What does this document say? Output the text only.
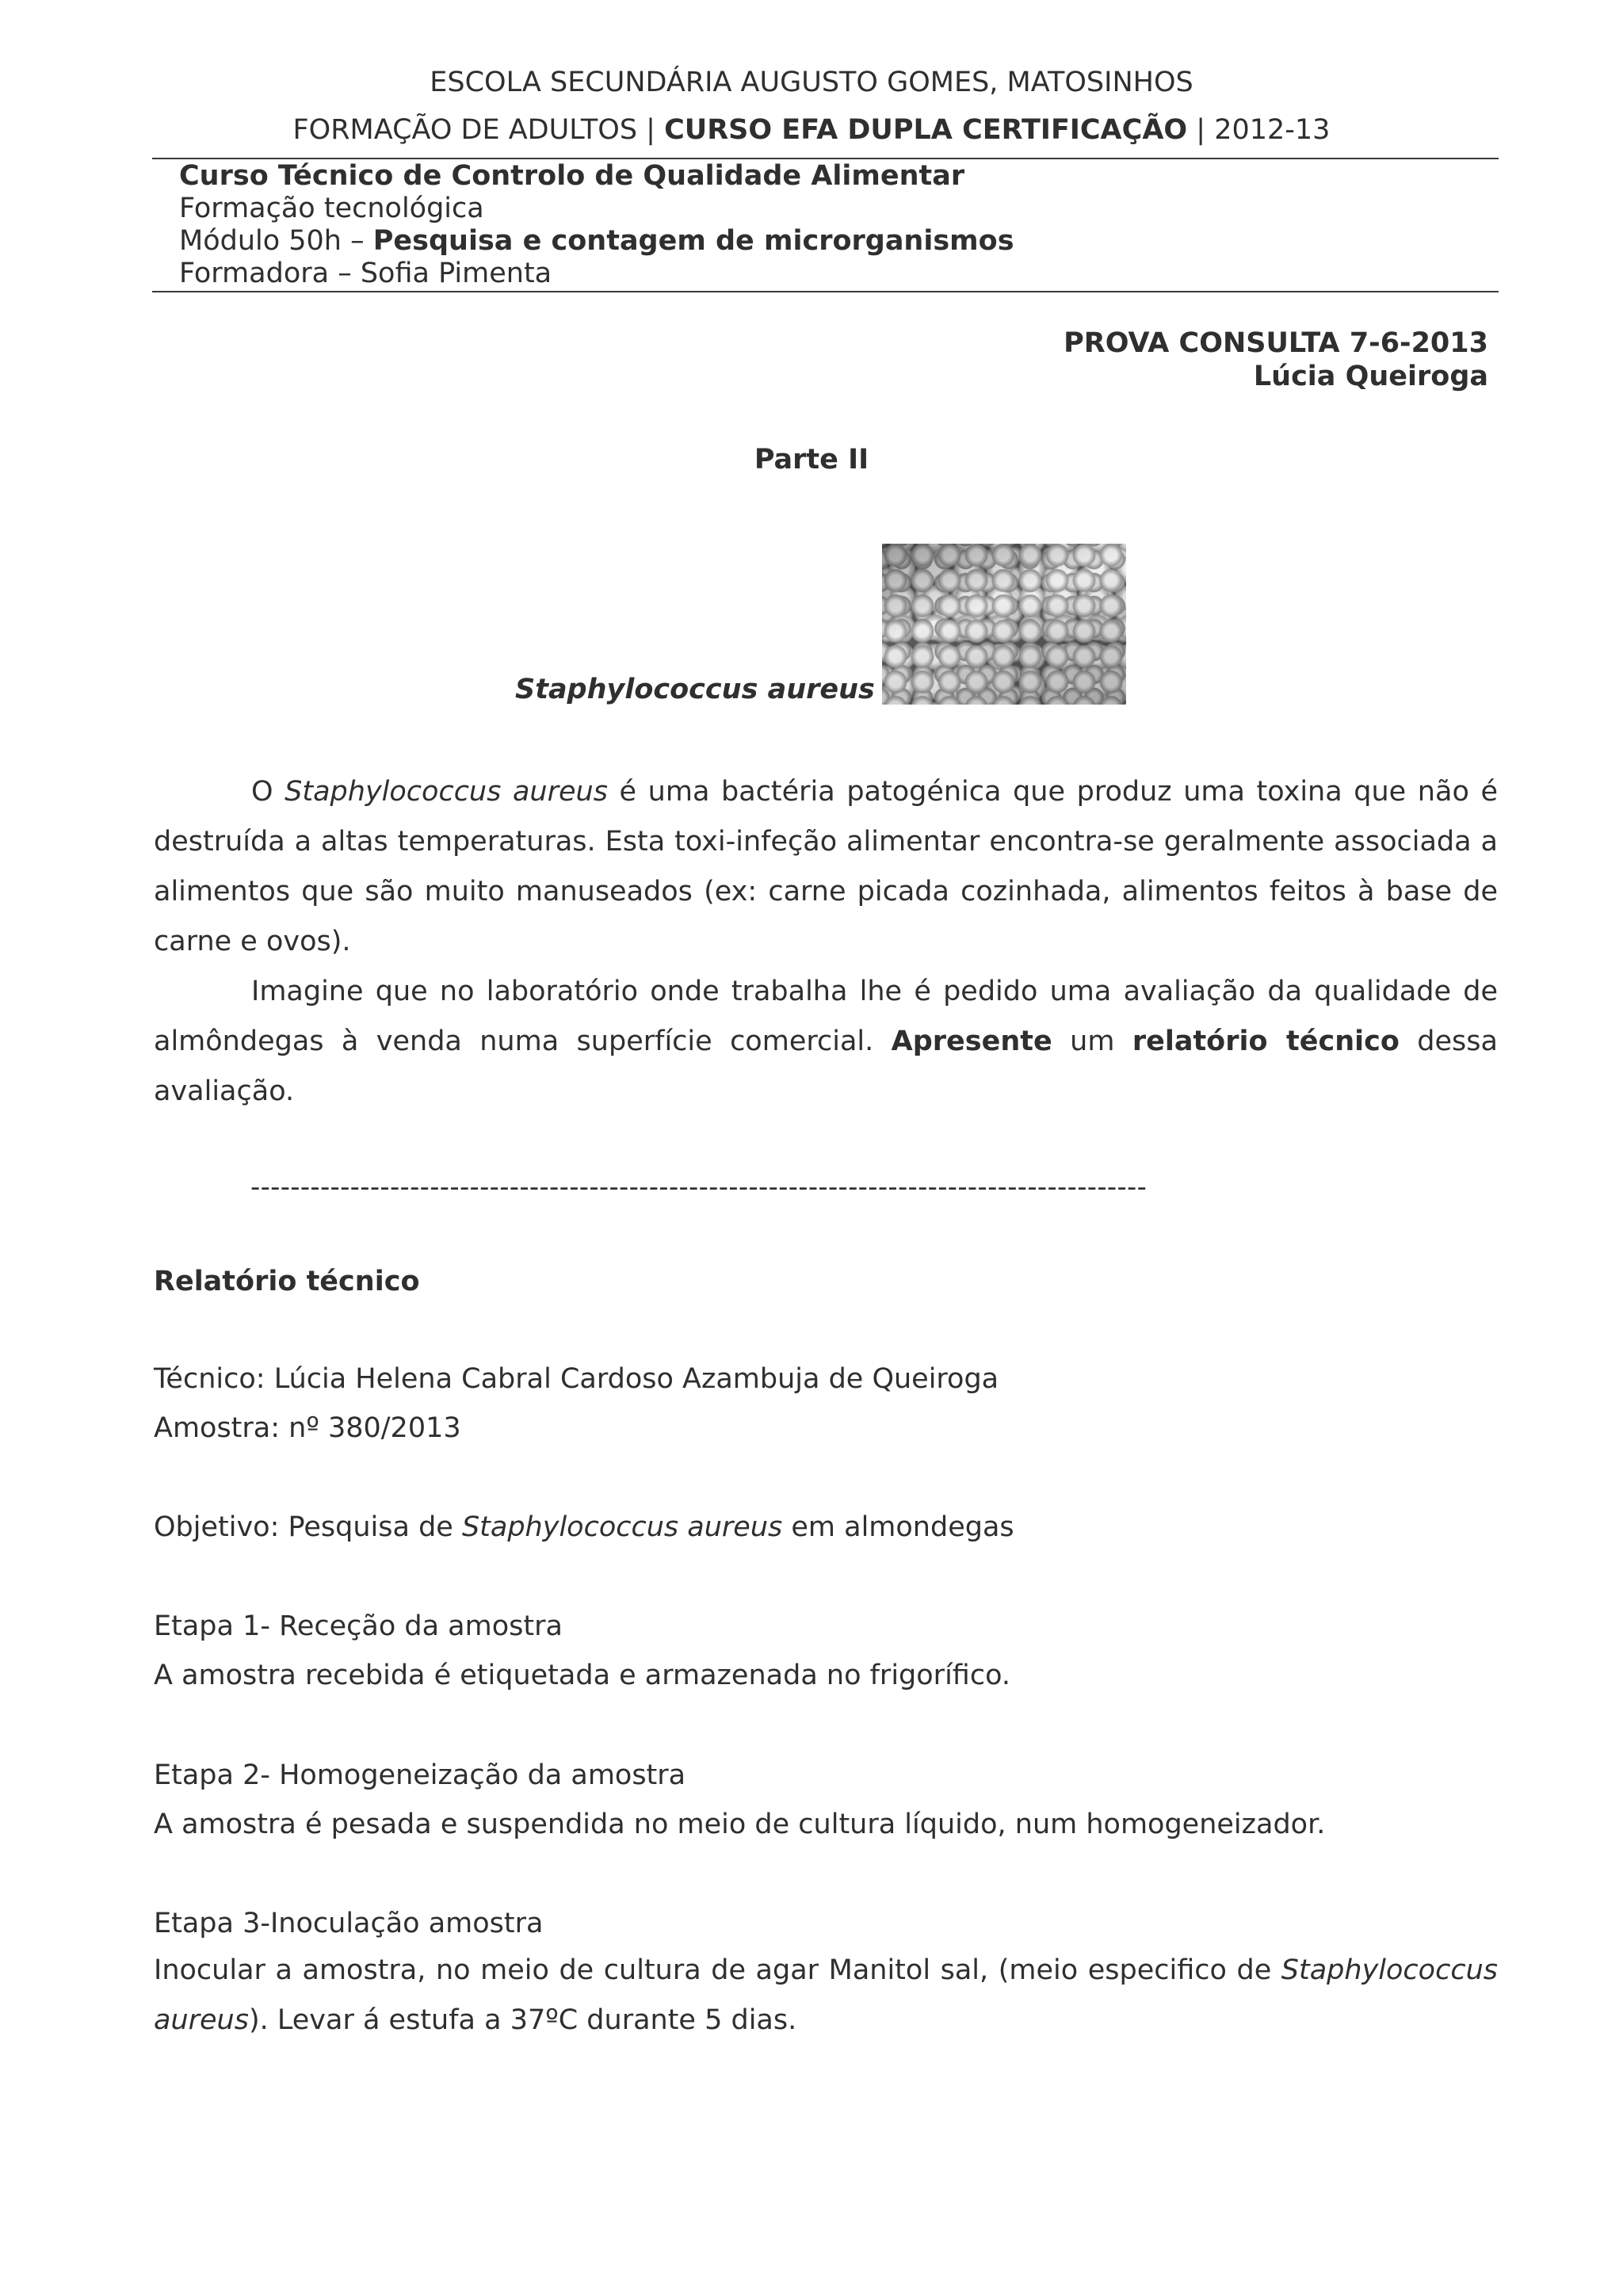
ESCOLA SECUNDÁRIA AUGUSTO GOMES, MATOSINHOS
FORMAÇÃO DE ADULTOS | CURSO EFA DUPLA CERTIFICAÇÃO | 2012-13
Curso Técnico de Controlo de Qualidade Alimentar
Formação tecnológica
Módulo 50h – Pesquisa e contagem de microrganismos
Formadora – Sofia Pimenta
PROVA CONSULTA 7-6-2013
Lúcia Queiroga
Parte II
Staphylococcus aureus

O Staphylococcus aureus é uma bactéria patogénica que produz uma toxina que não é destruída a altas temperaturas. Esta toxi-infeção alimentar encontra-se geralmente associada a alimentos que são muito manuseados (ex: carne picada cozinhada, alimentos feitos à base de carne e ovos).

Imagine que no laboratório onde trabalha lhe é pedido uma avaliação da qualidade de almôndegas à venda numa superfície comercial. Apresente um relatório técnico dessa avaliação.

------------------------------------------------------------------------------------------
Relatório técnico
Técnico: Lúcia Helena Cabral Cardoso Azambuja de Queiroga
Amostra: nº 380/2013
Objetivo: Pesquisa de Staphylococcus aureus em almondegas
Etapa 1- Receção da amostra
A amostra recebida é etiquetada e armazenada no frigorífico.
Etapa 2- Homogeneização da amostra
A amostra é pesada e suspendida no meio de cultura líquido, num homogeneizador.
Etapa 3-Inoculação amostra
Inocular a amostra, no meio de cultura de agar Manitol sal, (meio especifico de Staphylococcus aureus). Levar á estufa a 37ºC durante 5 dias.
